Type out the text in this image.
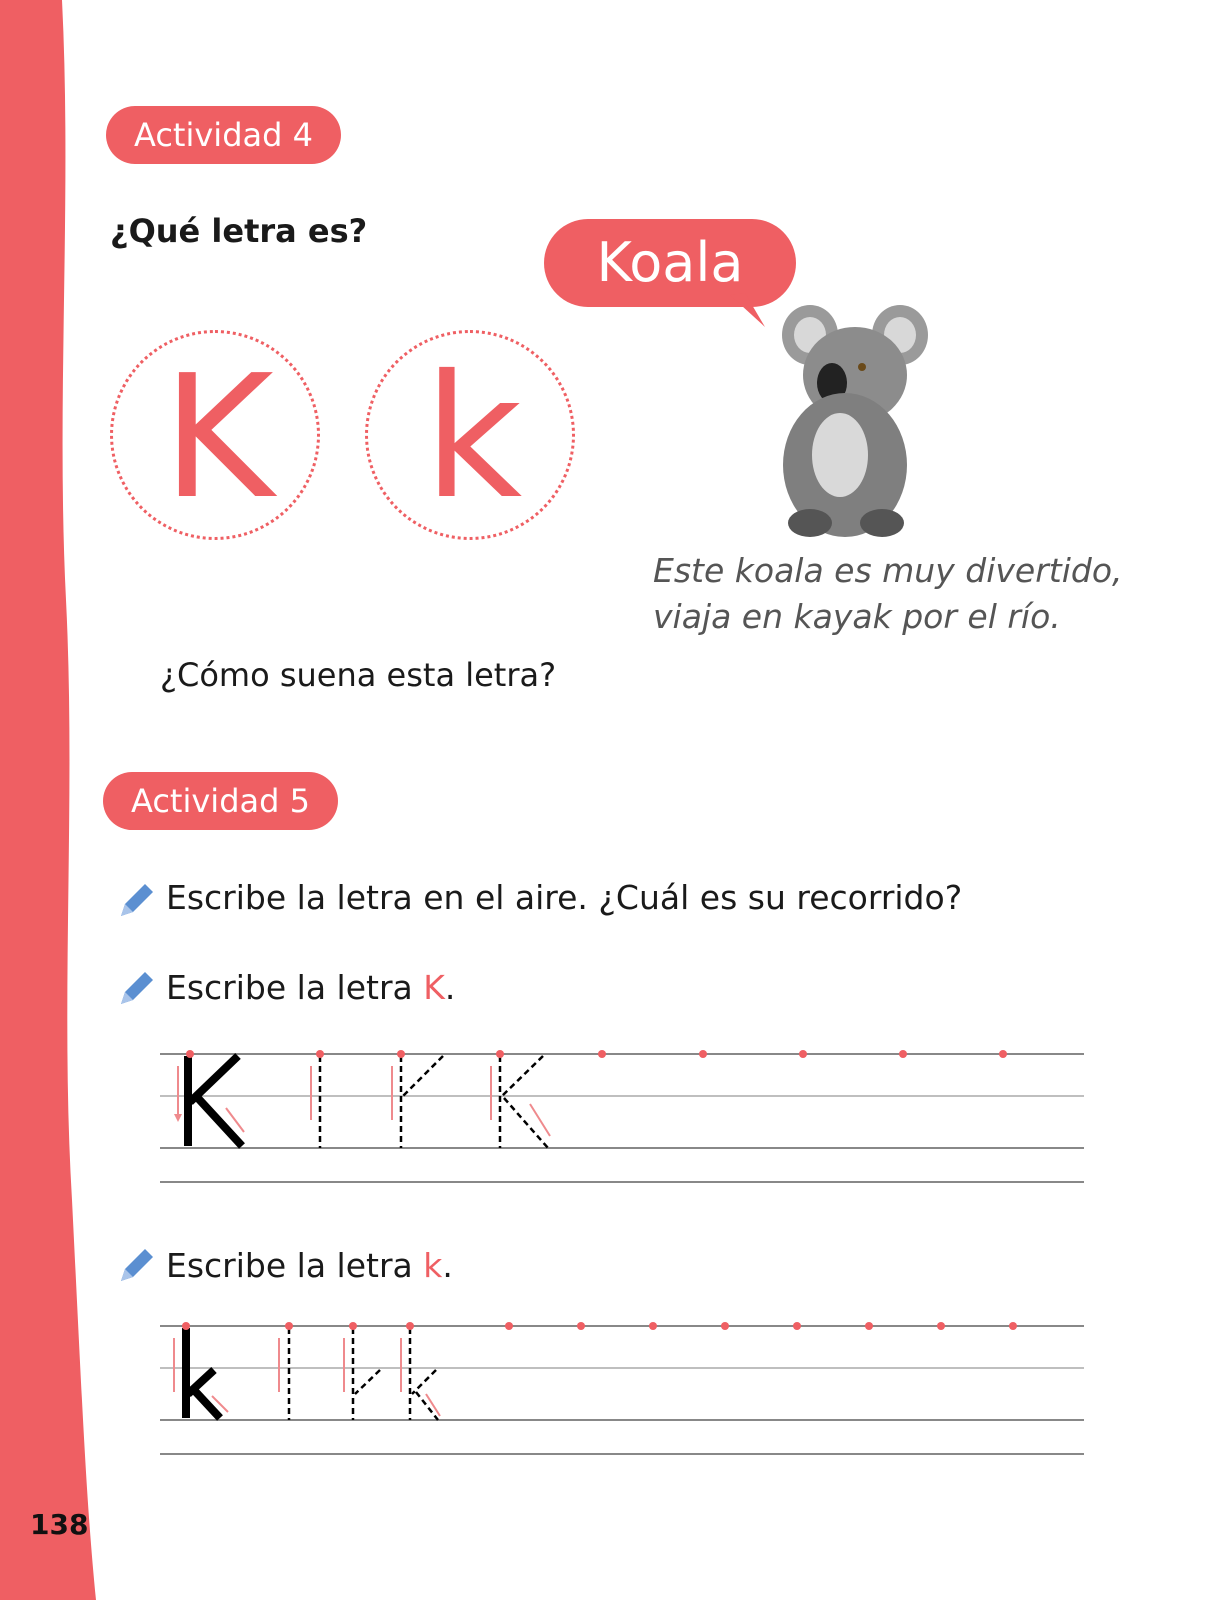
138
Actividad 4
¿Qué letra es?
K k
Koala
Este koala es muy divertido,
viaja en kayak por el río.
¿Cómo suena esta letra?
Actividad 5
Escribe la letra en el aire. ¿Cuál es su recorrido?
Escribe la letra K.
Escribe la letra k.
